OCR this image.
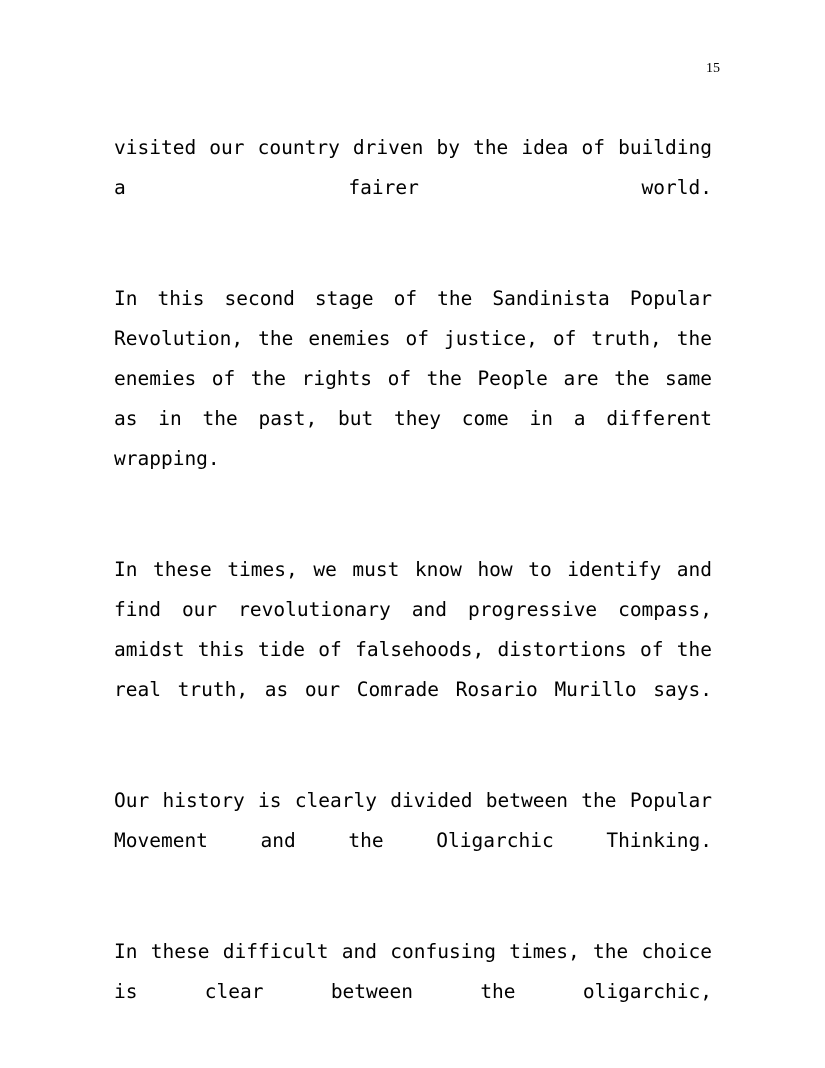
15

visited our country driven by the idea of building a fairer world.

In this second stage of the Sandinista Popular Revolution, the enemies of justice, of truth, the enemies of the rights of the People are the same as in the past, but they come in a different wrapping.

In these times, we must know how to identify and find our revolutionary and progressive compass, amidst this tide of falsehoods, distortions of the real truth, as our Comrade Rosario Murillo says.

Our history is clearly divided between the Popular Movement and the Oligarchic Thinking.

In these difficult and confusing times, the choice is clear between the oligarchic,
